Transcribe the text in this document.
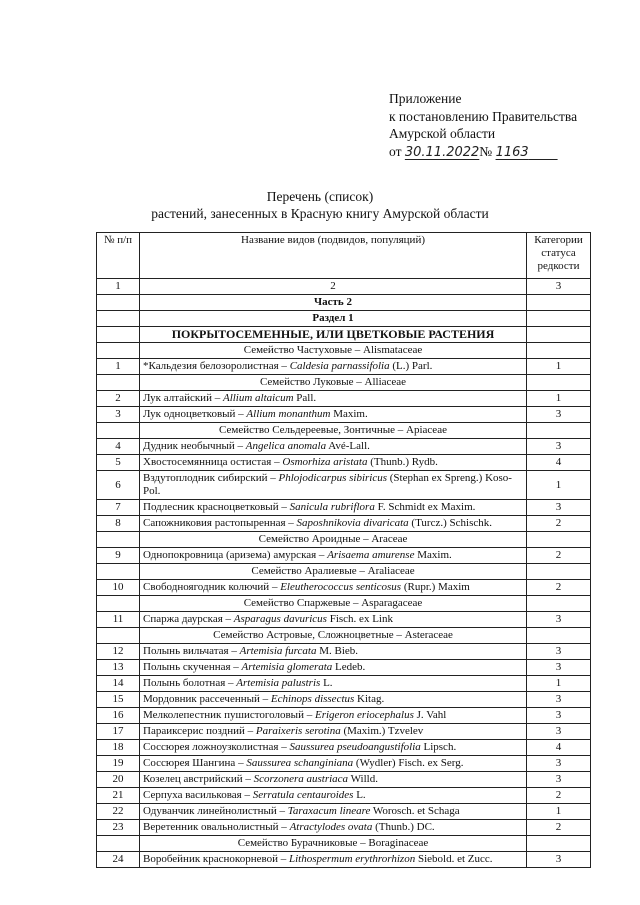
Приложение
к постановлению Правительства
Амурской области
от 30.11.2022№ 1163
Перечень (список)
растений, занесенных в Красную книгу Амурской области
№ п/п	Название видов (подвидов, популяций)	Категории статуса редкости
1	2	3
	Часть 2	
	Раздел 1	
	ПОКРЫТОСЕМЕННЫЕ, ИЛИ ЦВЕТКОВЫЕ РАСТЕНИЯ	
	Семейство Частуховые – Alismataceae	
1	*Кальдезия белозоролистная – Caldesia parnassifolia (L.) Parl.	1
	Семейство Луковые – Alliaceae	
2	Лук алтайский – Allium altaicum Pall.	1
3	Лук одноцветковый – Allium monanthum Maxim.	3
	Семейство Сельдерeевые, Зонтичные – Apiaceae	
4	Дудник необычный – Angelica anomala Avé-Lall.	3
5	Хвостосемянница остистая – Osmorhiza aristata (Thunb.) Rydb.	4
6	Вздутоплодник сибирский – Phlojodicarpus sibiricus (Stephan ex Spreng.) Koso-Pol.	1
7	Подлесник красноцветковый – Sanicula rubriflora F. Schmidt ex Maxim.	3
8	Сапожниковия растопыренная – Saposhnikovia divaricata (Turcz.) Schischk.	2
	Семейство Ароидные – Araceae	
9	Однопокровница (аризема) амурская – Arisaema amurense Maxim.	2
	Семейство Аралиевые – Araliaceae	
10	Свободноягодник колючий – Eleutherococcus senticosus (Rupr.) Maxim	2
	Семейство Спаржевые – Asparagaceae	
11	Спаржа даурская – Asparagus davuricus Fisch. ex Link	3
	Семейство Астровые, Сложноцветные – Asteraceae	
12	Полынь вильчатая – Artemisia furcata M. Bieb.	3
13	Полынь скученная – Artemisia glomerata Ledeb.	3
14	Полынь болотная – Artemisia palustris L.	1
15	Мордовник рассеченный – Echinops dissectus Kitag.	3
16	Мелколепестник пушистоголовый – Erigeron eriocephalus J. Vahl	3
17	Параиксерис поздний – Paraixeris serotina (Maxim.) Tzvelev	3
18	Соссюрея ложноузколистная – Saussurea pseudoangustifolia Lipsch.	4
19	Соссюрея Шангина – Saussurea schanginiana (Wydler) Fisch. ex Serg.	3
20	Козелец австрийский – Scorzonera austriaca Willd.	3
21	Серпуха васильковая – Serratula centauroides L.	2
22	Одуванчик линейнолистный – Taraxacum lineare Worosch. et Schaga	1
23	Веретенник овальнолистный – Atractylodes ovata (Thunb.) DC.	2
	Семейство Бурачниковые – Boraginaceae	
24	Воробейник краснокорневой – Lithospermum erythrorhizon Siebold. et Zucc.	3
